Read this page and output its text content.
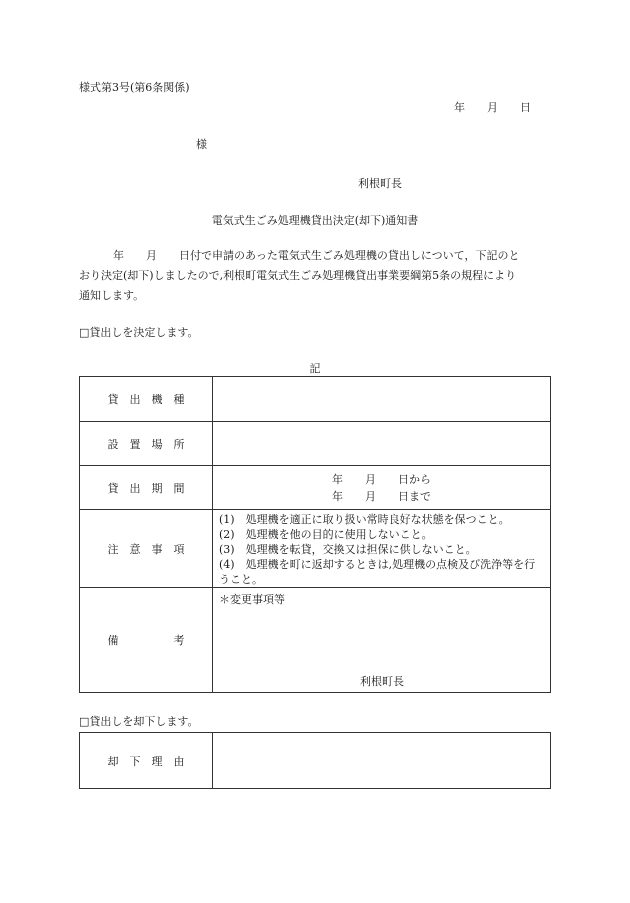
様式第3号(第6条関係)
年 月 日
様
利根町長
電気式生ごみ処理機貸出決定(却下)通知書
年　　月　　日付で申請のあった電気式生ごみ処理機の貸出しについて，下記のと
おり決定(却下)しましたので,利根町電気式生ごみ処理機貸出事業要綱第5条の規程により
通知します。
□貸出しを決定します。
記
貸　出　機　種	
設　置　場　所	
貸　出　期　間	年　　月　　日から
年　　月　　日まで

注　意　事　項	(1)　処理機を適正に取り扱い常時良好な状態を保つこと。
(2)　処理機を他の目的に使用しないこと。
(3)　処理機を転貸，交換又は担保に供しないこと。
(4)　処理機を町に返却するときは,処理機の点検及び洗浄等を行うこと。

備　　　　　考	＊変更事項等
利根町長
□貸出しを却下します。
却　下　理　由	
